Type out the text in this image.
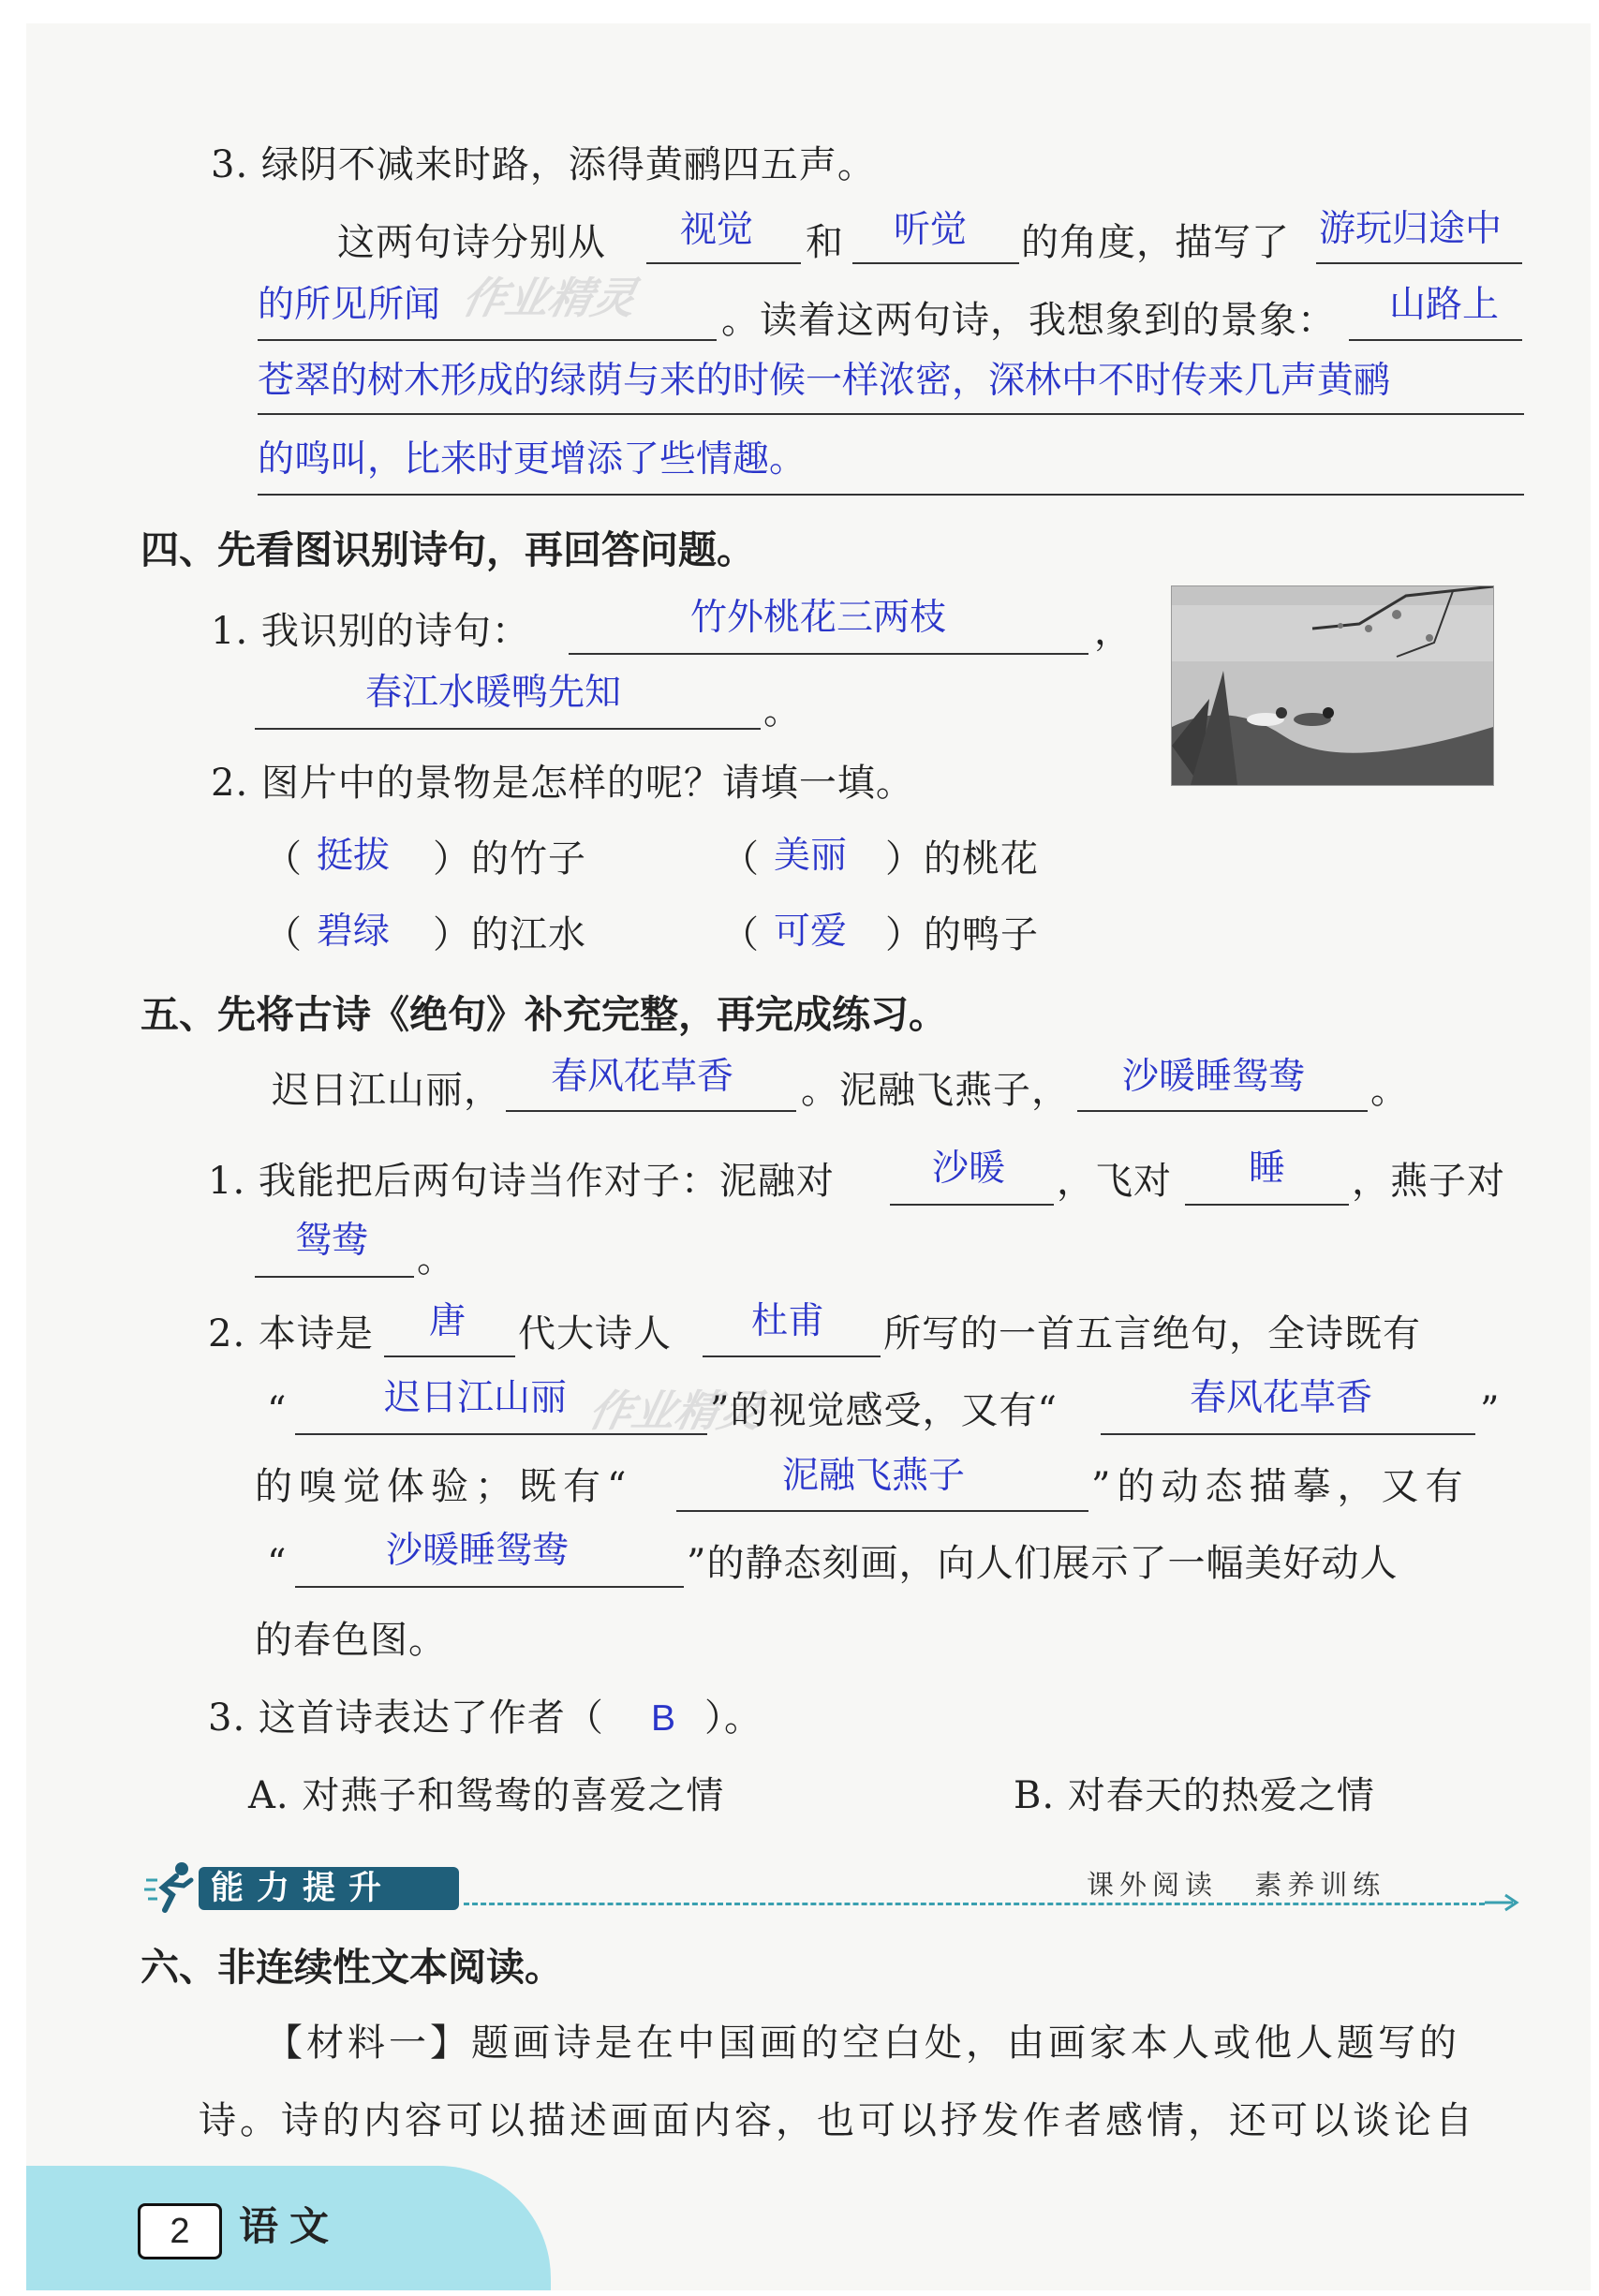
3. 绿阴不减来时路，添得黄鹂四五声。
这两句诗分别从 视觉 和 听觉 的角度，描写了 游玩归途中
的所见所闻 作业精灵 。读着这两句诗，我想象到的景象： 山路上
苍翠的树木形成的绿荫与来的时候一样浓密，深林中不时传来几声黄鹂
的鸣叫，比来时更增添了些情趣。
四、先看图识别诗句，再回答问题。
1. 我识别的诗句：	竹外桃花三两枝	，
春江水暖鸭先知	。
2. 图片中的景物是怎样的呢？请填一填。
（ 挺拔 ）的竹子	（ 美丽 ）的桃花
（ 碧绿 ）的江水	（ 可爱 ）的鸭子
五、先将古诗《绝句》补充完整，再完成练习。
迟日江山丽， 春风花草香 。泥融飞燕子， 沙暖睡鸳鸯 。
1. 我能把后两句诗当作对子：泥融对	沙暖 ，飞对 睡 ，燕子对
鸳鸯 。
2. 本诗是 唐 代大诗人 杜甫 所写的一首五言绝句，全诗既有
“	迟日江山丽 作业精灵
”的视觉感受，又有“	春风花草香	”
的嗅觉体验；既有“	泥融飞燕子	”的动态描摹，又有
“	沙暖睡鸳鸯	”的静态刻画，向人们展示了一幅美好动人
的春色图。
3. 这首诗表达了作者（ B ）。
A. 对燕子和鸳鸯的喜爱之情	B. 对春天的热爱之情
能力提升	课外阅读 素养训练
六、非连续性文本阅读。
【材料一】题画诗是在中国画的空白处，由画家本人或他人题写的
诗。诗的内容可以描述画面内容，也可以抒发作者感情，还可以谈论自
2	语文
